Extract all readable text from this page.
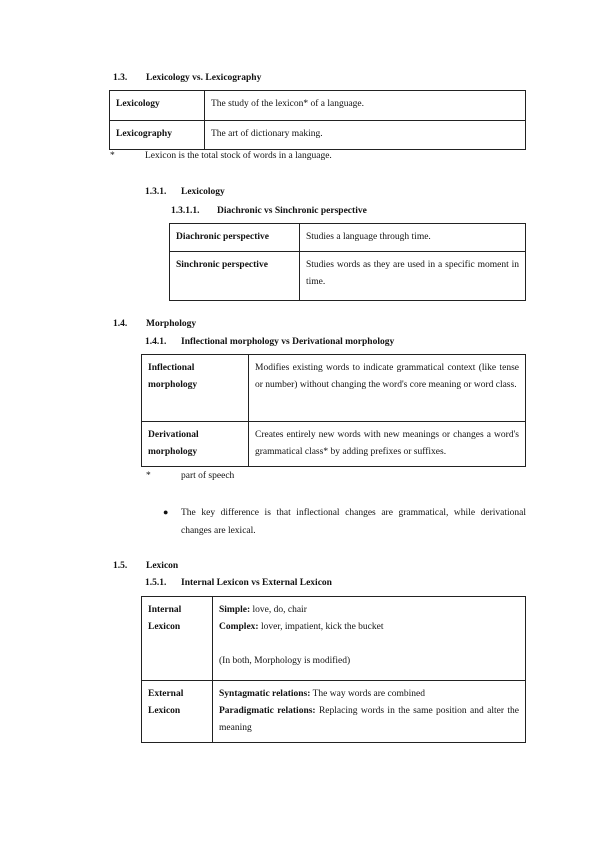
1.3. Lexicology vs. Lexicography
Lexicology	The study of the lexicon* of a language.
Lexicography	The art of dictionary making.
*	Lexicon is the total stock of words in a language.
1.3.1. Lexicology
1.3.1.1. Diachronic vs Sinchronic perspective
Diachronic perspective	Studies a language through time.
Sinchronic perspective	Studies words as they are used in a specific moment in time.
1.4. Morphology
1.4.1. Inflectional morphology vs Derivational morphology
Inflectional morphology	Modifies existing words to indicate grammatical context (like tense or number) without changing the word's core meaning or word class.
Derivational morphology	Creates entirely new words with new meanings or changes a word's grammatical class* by adding prefixes or suffixes.
*	part of speech
● The key difference is that inflectional changes are grammatical, while derivational changes are lexical.
1.5. Lexicon
1.5.1. Internal Lexicon vs External Lexicon
Internal Lexicon	Simple: love, do, chair
Complex: lover, impatient, kick the bucket
(In both, Morphology is modified)

External Lexicon	Syntagmatic relations: The way words are combined
Paradigmatic relations: Replacing words in the same position and alter the meaning
